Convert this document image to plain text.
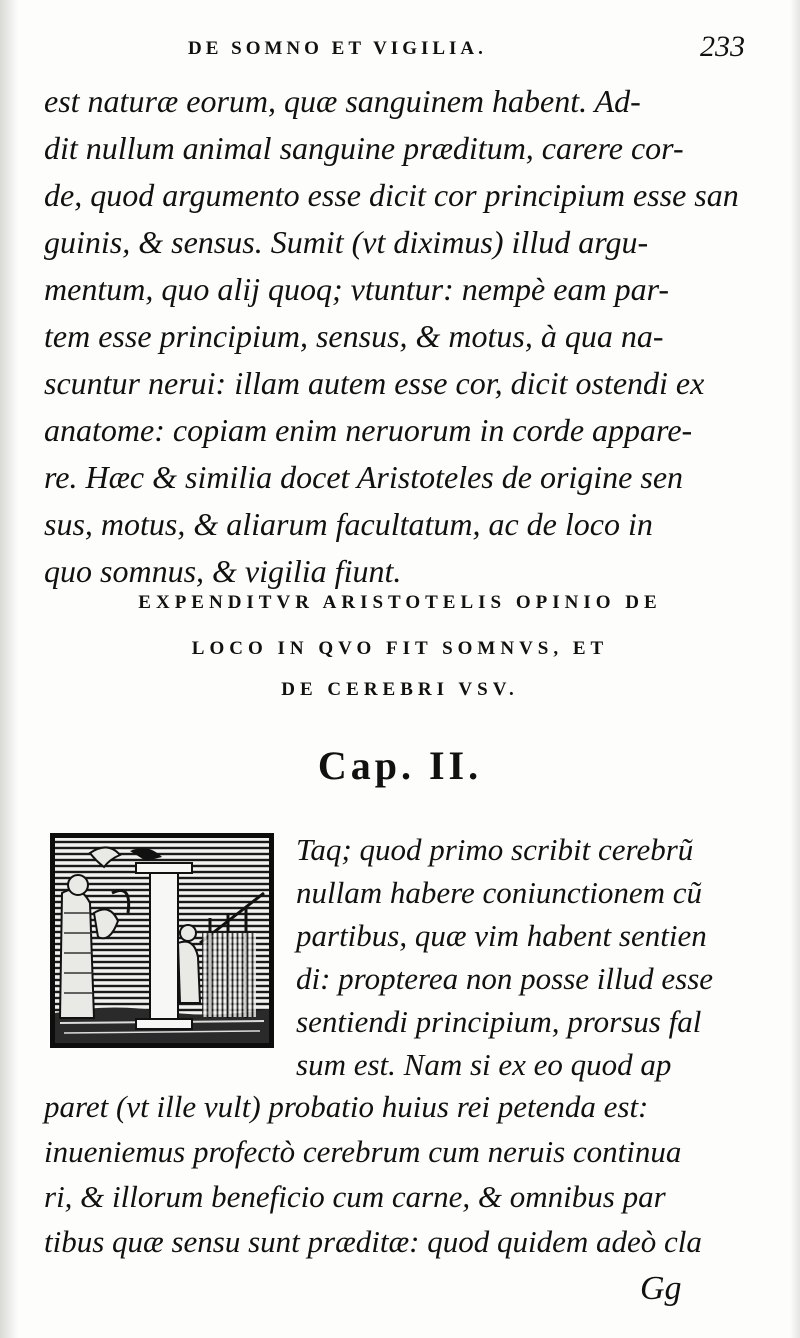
DE SOMNO ET VIGILIA.	233
est naturæ eorum, quæ sanguinem habent. Ad-
dit nullum animal sanguine præditum, carere cor-
de, quod argumento esse dicit cor principium esse san
guinis, & sensus. Sumit (vt diximus) illud argu-
mentum, quo alij quoq; vtuntur: nempè eam par-
tem esse principium, sensus, & motus, à qua na-
scuntur nerui: illam autem esse cor, dicit ostendi ex
anatome: copiam enim neruorum in corde appare-
re. Hæc & similia docet Aristoteles de origine sen
sus, motus, & aliarum facultatum, ac de loco in
quo somnus, & vigilia fiunt.
EXPENDITVR ARISTOTELIS OPINIO DE
LOCO IN QVO FIT SOMNVS, ET
DE CEREBRI VSV.
Cap. II.
Taq; quod primo scribit cerebrũ
nullam habere coniunctionem cũ
partibus, quæ vim habent sentien
di: propterea non posse illud esse
sentiendi principium, prorsus fal
sum est. Nam si ex eo quod ap
paret (vt ille vult) probatio huius rei petenda est:
inueniemus profectò cerebrum cum neruis continua
ri, & illorum beneficio cum carne, & omnibus par
tibus quæ sensu sunt præditæ: quod quidem adeò cla
Gg
